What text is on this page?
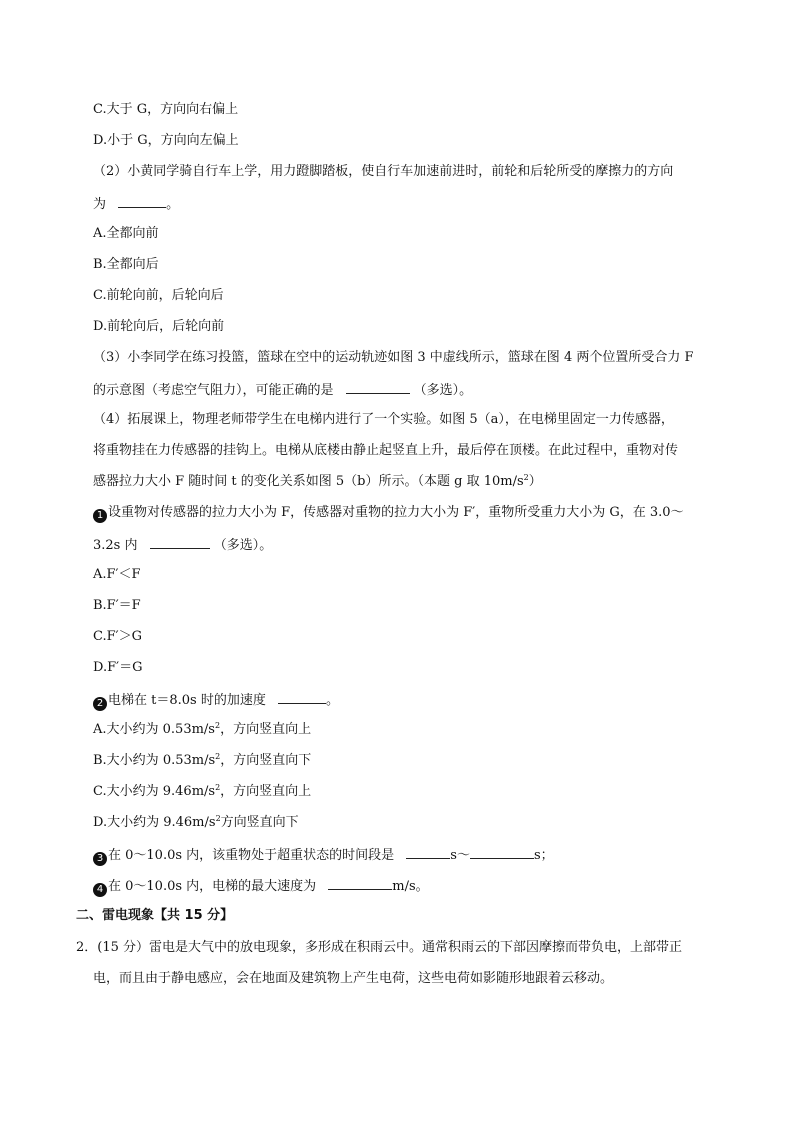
C.大于 G，方向向右偏上
D.小于 G，方向向左偏上
（2）小黄同学骑自行车上学，用力蹬脚踏板，使自行车加速前进时，前轮和后轮所受的摩擦力的方向
为	。
A.全都向前
B.全都向后
C.前轮向前，后轮向后
D.前轮向后，后轮向前
（3）小李同学在练习投篮，篮球在空中的运动轨迹如图 3 中虚线所示，篮球在图 4 两个位置所受合力 F
的示意图（考虑空气阻力），可能正确的是	（多选）。
（4）拓展课上，物理老师带学生在电梯内进行了一个实验。如图 5（a），在电梯里固定一力传感器，
将重物挂在力传感器的挂钩上。电梯从底楼由静止起竖直上升，最后停在顶楼。在此过程中，重物对传
感器拉力大小 F 随时间 t 的变化关系如图 5（b）所示。（本题 g 取 $10m/s^2$）
1 设重物对传感器的拉力大小为 F，传感器对重物的拉力大小为 F′，重物所受重力大小为 G，在 3.0～
3.2s 内	（多选）。
A.F′＜F
B.F′＝F
C.F′＞G
D.F′＝G
2 电梯在 t＝8.0s 时的加速度	。
A.大小约为 $0.53m/s^2$，方向竖直向上
B.大小约为 $0.53m/s^2$，方向竖直向下
C.大小约为 $9.46m/s^2$，方向竖直向上
D.大小约为 $9.46m/s^2$方向竖直向下
3 在 0～10.0s 内，该重物处于超重状态的时间段是	s～	s；
4 在 0～10.0s 内，电梯的最大速度为	m/s。
二、雷电现象【共 15 分】
2．(15 分）雷电是大气中的放电现象，多形成在积雨云中。通常积雨云的下部因摩擦而带负电，上部带正
电，而且由于静电感应，会在地面及建筑物上产生电荷，这些电荷如影随形地跟着云移动。
